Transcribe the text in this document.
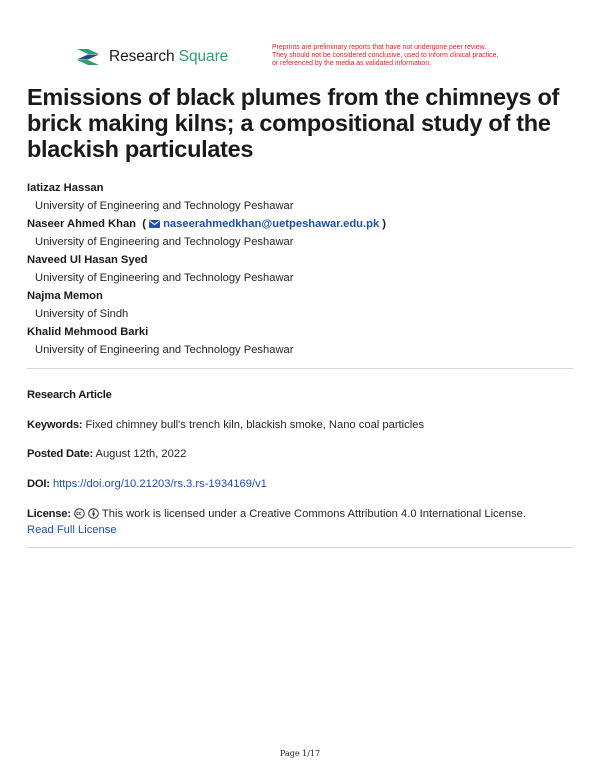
Research Square
Preprints are preliminary reports that have not undergone peer review.
They should not be considered conclusive, used to inform clinical practice,
or referenced by the media as validated information.
Emissions of black plumes from the chimneys of brick making kilns; a compositional study of the blackish particulates
Iatizaz Hassan
University of Engineering and Technology Peshawar
Naseer Ahmed Khan  ( naseerahmedkhan@uetpeshawar.edu.pk )
University of Engineering and Technology Peshawar
Naveed Ul Hasan Syed
University of Engineering and Technology Peshawar
Najma Memon
University of Sindh
Khalid Mehmood Barki
University of Engineering and Technology Peshawar
Research Article
Keywords: Fixed chimney bull's trench kiln, blackish smoke, Nano coal particles
Posted Date: August 12th, 2022
DOI: https://doi.org/10.21203/rs.3.rs-1934169/v1
License:	This work is licensed under a Creative Commons Attribution 4.0 International License.
Read Full License
Page 1/17
